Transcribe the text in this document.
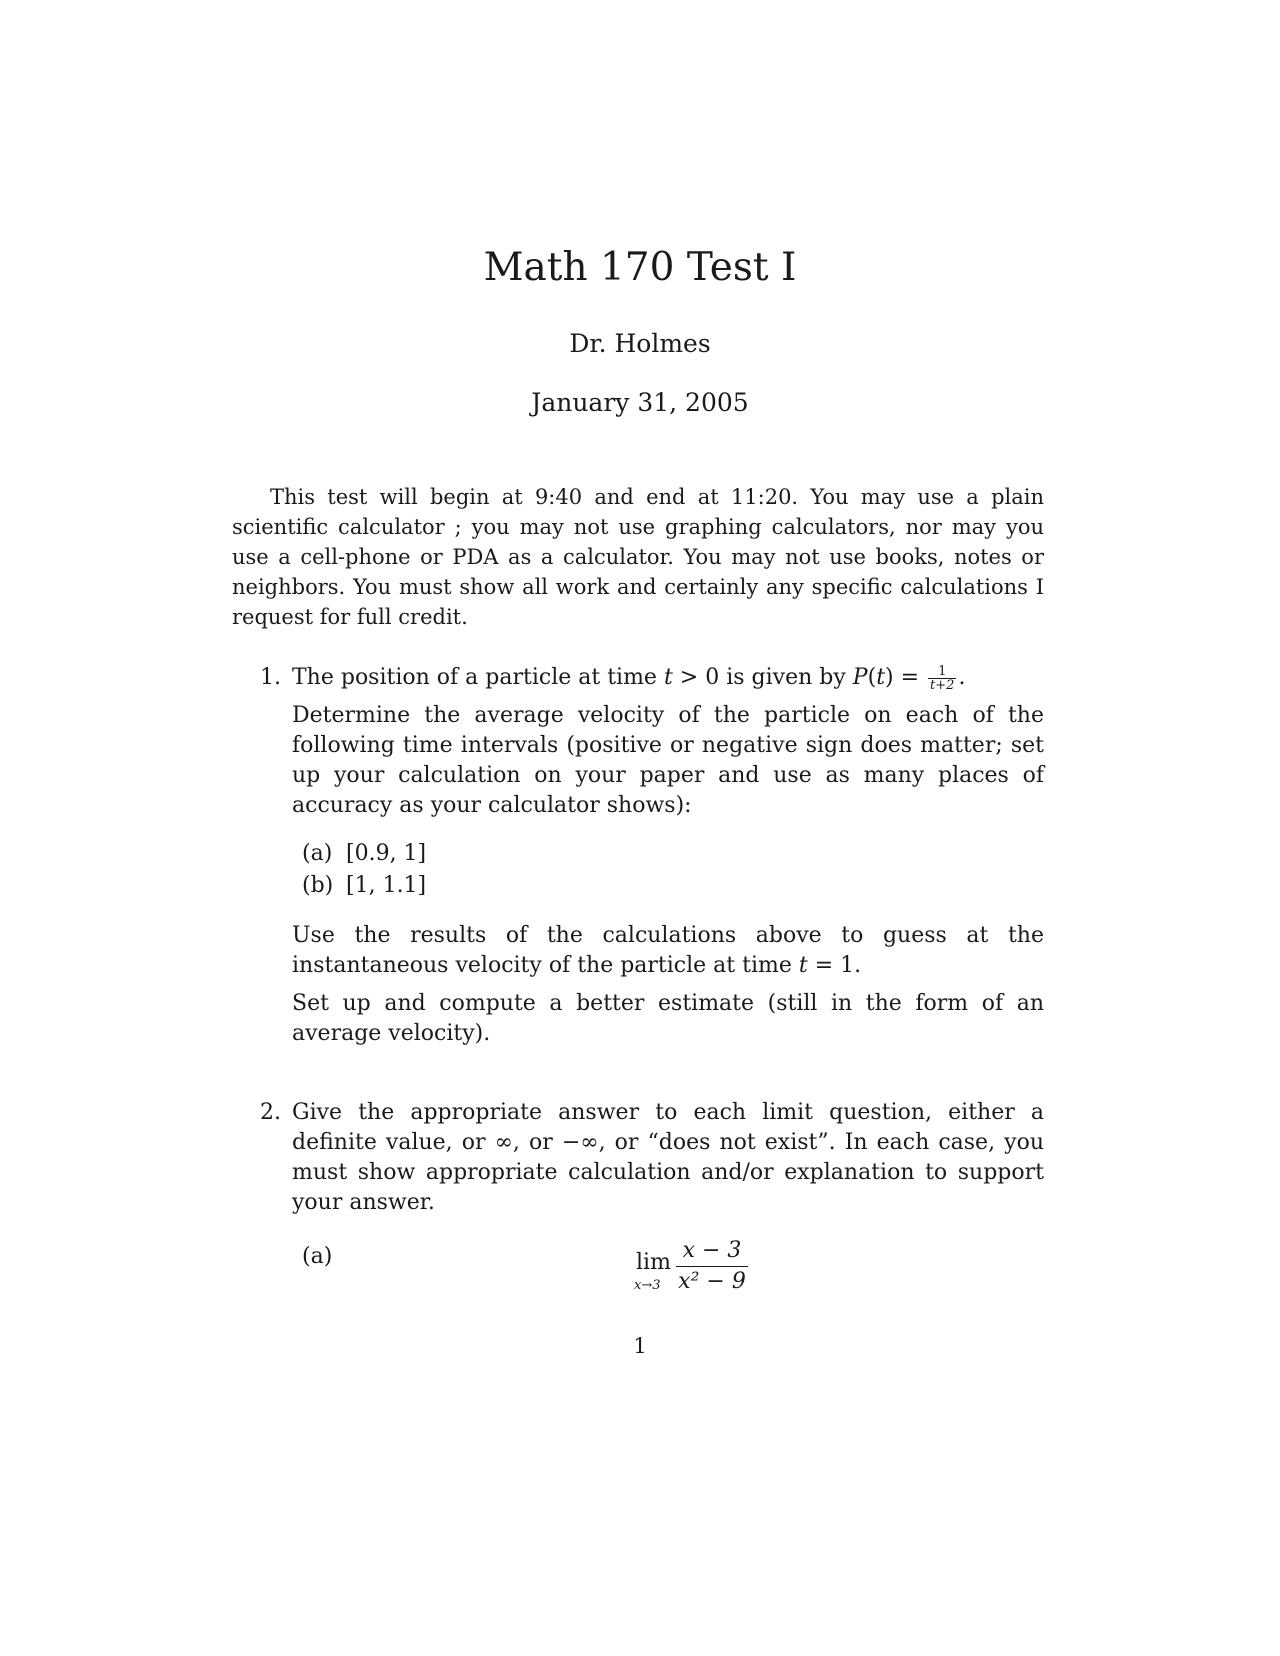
Math 170 Test I
Dr. Holmes
January 31, 2005

This test will begin at 9:40 and end at 11:20. You may use a plain scientific calculator ; you may not use graphing calculators, nor may you use a cell-phone or PDA as a calculator. You may not use books, notes or neighbors. You must show all work and certainly any specific calculations I request for full credit.

1. The position of a particle at time t > 0 is given by $P(t) = \frac{1}{t+2}$ .

Determine the average velocity of the particle on each of the following time intervals (positive or negative sign does matter; set up your calculation on your paper and use as many places of accuracy as your calculator shows):

(a) [0.9, 1]
(b) [1, 1.1]

Use the results of the calculations above to guess at the instantaneous velocity of the particle at time t = 1.

Set up and compute a better estimate (still in the form of an average velocity).

2. Give the appropriate answer to each limit question, either a definite value, or ∞, or −∞, or “does not exist”. In each case, you must show appropriate calculation and/or explanation to support your answer.

(a)	lim
x→3
x − 3
x² − 9
1
